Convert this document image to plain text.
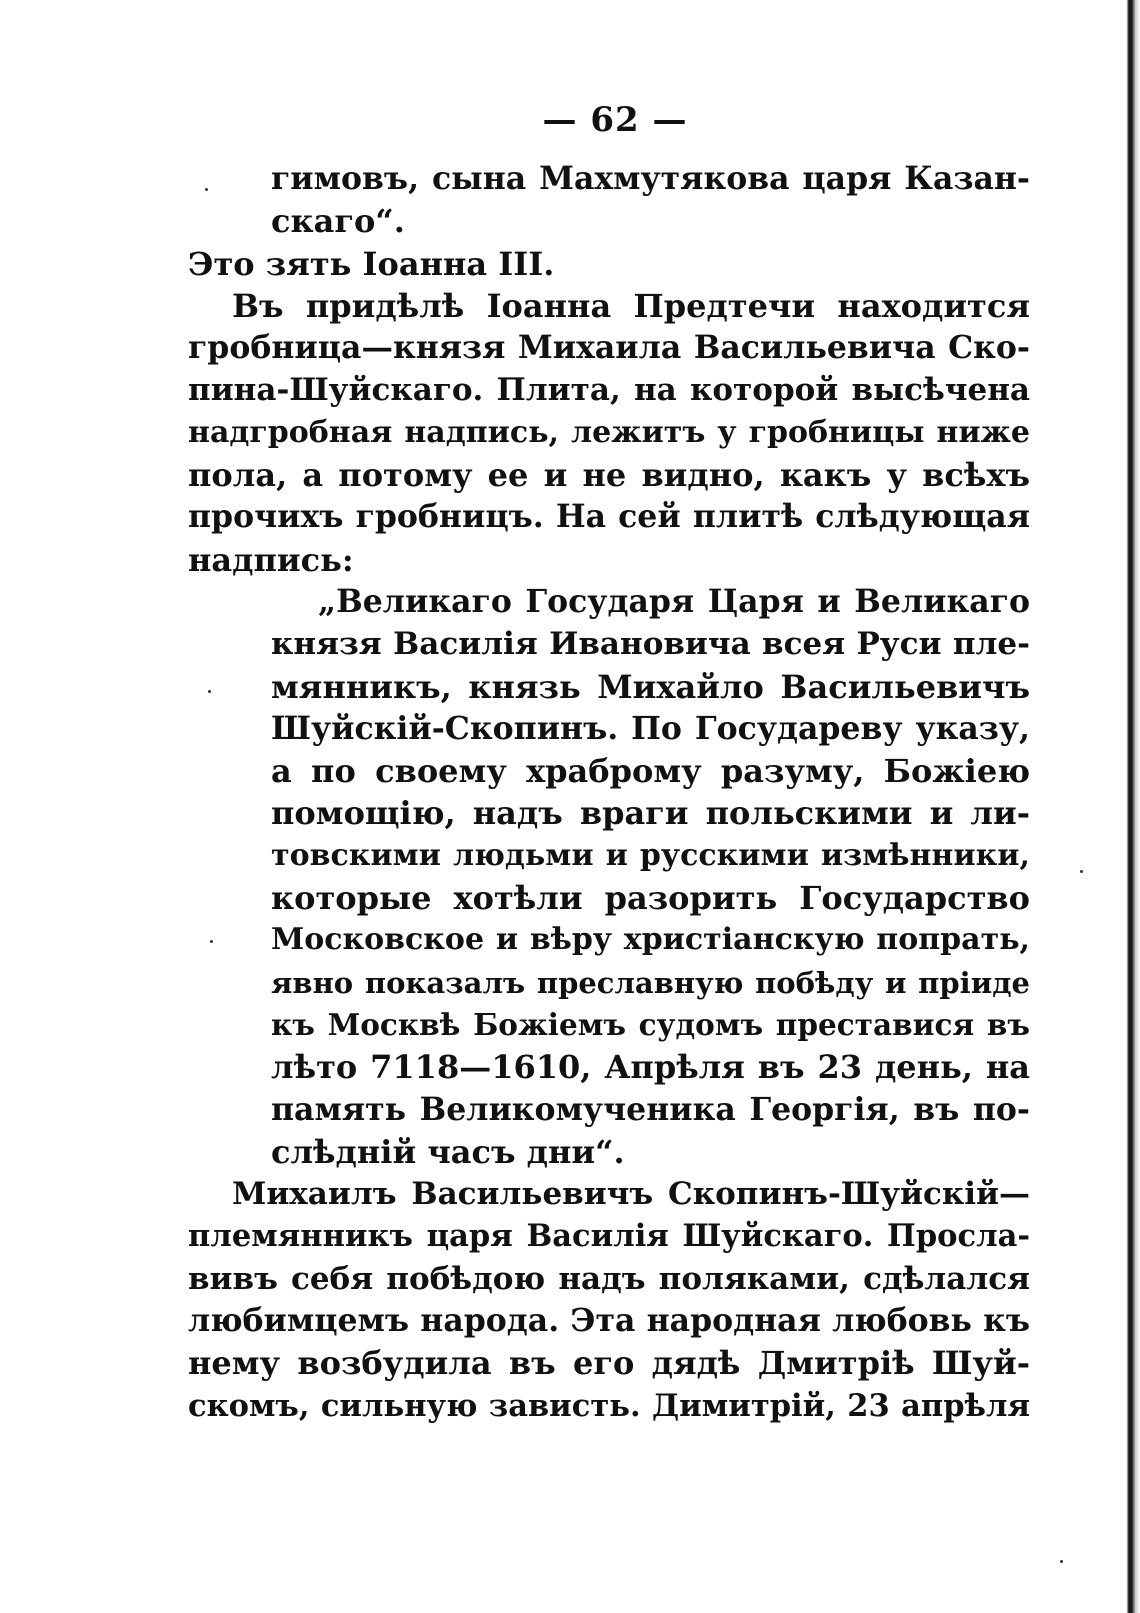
— 62 —
гимовъ, сына Махмутякова царя Казан-
скаго“.
Это зять Іоанна III.
Въ придѣлѣ Іоанна Предтечи находится
гробница—князя Михаила Васильевича Ско-
пина-Шуйскаго. Плита, на которой высѣчена
надгробная надпись, лежитъ у гробницы ниже
пола, а потому ее и не видно, какъ у всѣхъ
прочихъ гробницъ. На сей плитѣ слѣдующая
надпись:
„Великаго Государя Царя и Великаго
князя Василія Ивановича всея Руси пле-
мянникъ, князь Михайло Васильевичъ
Шуйскій-Скопинъ. По Государеву указу,
а по своему храброму разуму, Божіею
помощію, надъ враги польскими и ли-
товскими людьми и русскими измѣнники,
которые хотѣли разорить Государство
Московское и вѣру христіанскую попрать,
явно показалъ преславную побѣду и пріиде
къ Москвѣ Божіемъ судомъ преставися въ
лѣто 7118—1610, Апрѣля въ 23 день, на
память Великомученика Георгія, въ по-
слѣдній часъ дни“.
Михаилъ Васильевичъ Скопинъ-Шуйскій—
племянникъ царя Василія Шуйскаго. Просла-
вивъ себя побѣдою надъ поляками, сдѣлался
любимцемъ народа. Эта народная любовь къ
нему возбудила въ его дядѣ Дмитріѣ Шуй-
скомъ, сильную зависть. Димитрій, 23 апрѣля
